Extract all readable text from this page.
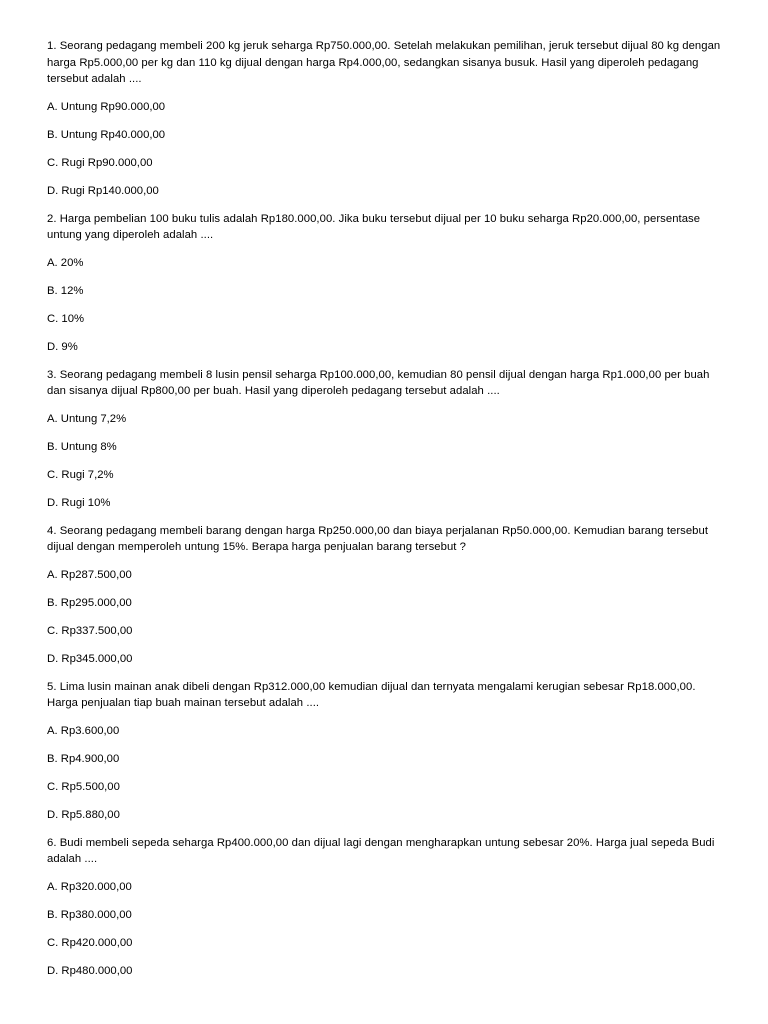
1. Seorang pedagang membeli 200 kg jeruk seharga Rp750.000,00. Setelah melakukan pemilihan, jeruk tersebut dijual 80 kg dengan harga Rp5.000,00 per kg dan 110 kg dijual dengan harga Rp4.000,00, sedangkan sisanya busuk. Hasil yang diperoleh pedagang tersebut adalah ....

A. Untung Rp90.000,00

B. Untung Rp40.000,00

C. Rugi Rp90.000,00

D. Rugi Rp140.000,00

2. Harga pembelian 100 buku tulis adalah Rp180.000,00. Jika buku tersebut dijual per 10 buku seharga Rp20.000,00, persentase untung yang diperoleh adalah ....

A. 20%

B. 12%

C. 10%

D. 9%

3. Seorang pedagang membeli 8 lusin pensil seharga Rp100.000,00, kemudian 80 pensil dijual dengan harga Rp1.000,00 per buah dan sisanya dijual Rp800,00 per buah. Hasil yang diperoleh pedagang tersebut adalah ....

A. Untung 7,2%

B. Untung 8%

C. Rugi 7,2%

D. Rugi 10%

4. Seorang pedagang membeli barang dengan harga Rp250.000,00 dan biaya perjalanan Rp50.000,00. Kemudian barang tersebut dijual dengan memperoleh untung 15%. Berapa harga penjualan barang tersebut ?

A. Rp287.500,00

B. Rp295.000,00

C. Rp337.500,00

D. Rp345.000,00

5. Lima lusin mainan anak dibeli dengan Rp312.000,00 kemudian dijual dan ternyata mengalami kerugian sebesar Rp18.000,00. Harga penjualan tiap buah mainan tersebut adalah ....

A. Rp3.600,00

B. Rp4.900,00

C. Rp5.500,00

D. Rp5.880,00

6. Budi membeli sepeda seharga Rp400.000,00 dan dijual lagi dengan mengharapkan untung sebesar 20%. Harga jual sepeda Budi adalah ....

A. Rp320.000,00

B. Rp380.000,00

C. Rp420.000,00

D. Rp480.000,00
